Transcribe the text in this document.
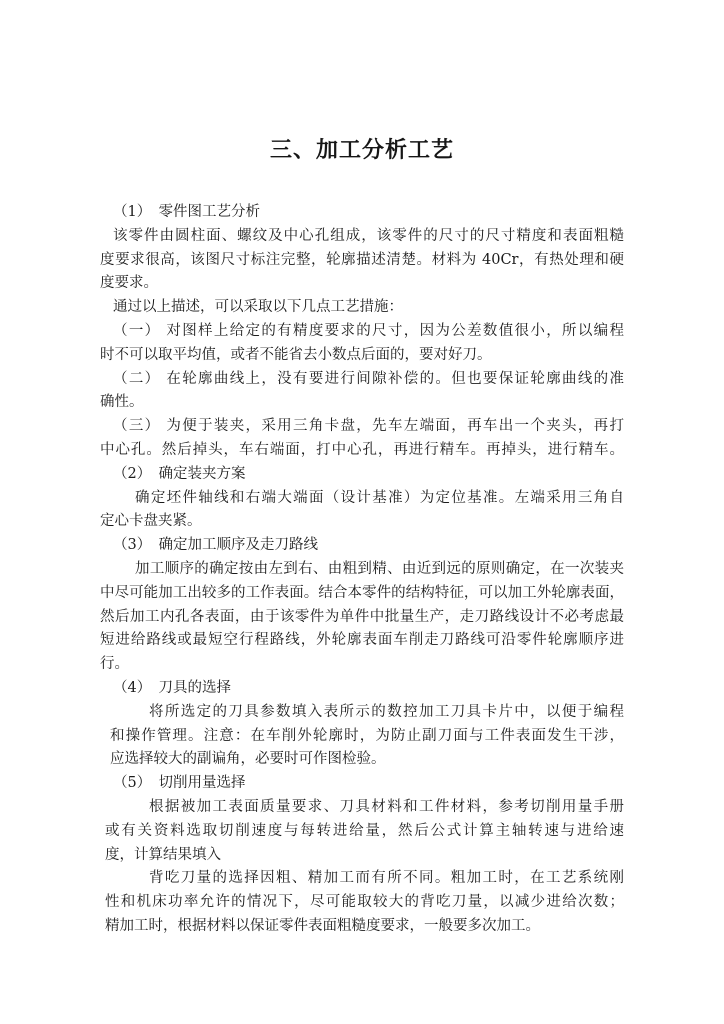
三、加工分析工艺
（1）　零件图工艺分析
该零件由圆柱面、螺纹及中心孔组成，该零件的尺寸的尺寸精度和表面粗糙
度要求很高，该图尺寸标注完整，轮廓描述清楚。材料为 40Cr，有热处理和硬
度要求。
通过以上描述，可以采取以下几点工艺措施：
（一） 对图样上给定的有精度要求的尺寸，因为公差数值很小，所以编程
时不可以取平均值，或者不能省去小数点后面的，要对好刀。
（二） 在轮廓曲线上，没有要进行间隙补偿的。但也要保证轮廓曲线的准
确性。
（三） 为便于装夹，采用三角卡盘，先车左端面，再车出一个夹头，再打
中心孔。然后掉头，车右端面，打中心孔，再进行精车。再掉头，进行精车。
（2）　确定装夹方案
确定坯件轴线和右端大端面（设计基准）为定位基准。左端采用三角自
定心卡盘夹紧。
（3）　确定加工顺序及走刀路线
加工顺序的确定按由左到右、由粗到精、由近到远的原则确定，在一次装夹
中尽可能加工出较多的工作表面。结合本零件的结构特征，可以加工外轮廓表面，
然后加工内孔各表面，由于该零件为单件中批量生产，走刀路线设计不必考虑最
短进给路线或最短空行程路线，外轮廓表面车削走刀路线可沿零件轮廓顺序进
行。
（4）　刀具的选择
将所选定的刀具参数填入表所示的数控加工刀具卡片中，以便于编程
和操作管理。注意：在车削外轮廓时，为防止副刀面与工件表面发生干涉，
应选择较大的副谝角，必要时可作图检验。
（5）　切削用量选择
根据被加工表面质量要求、刀具材料和工件材料，参考切削用量手册
或有关资料选取切削速度与每转进给量，然后公式计算主轴转速与进给速
度，计算结果填入
背吃刀量的选择因粗、精加工而有所不同。粗加工时，在工艺系统刚
性和机床功率允许的情况下，尽可能取较大的背吃刀量，以减少进给次数；
精加工时，根据材料以保证零件表面粗糙度要求，一般要多次加工。
